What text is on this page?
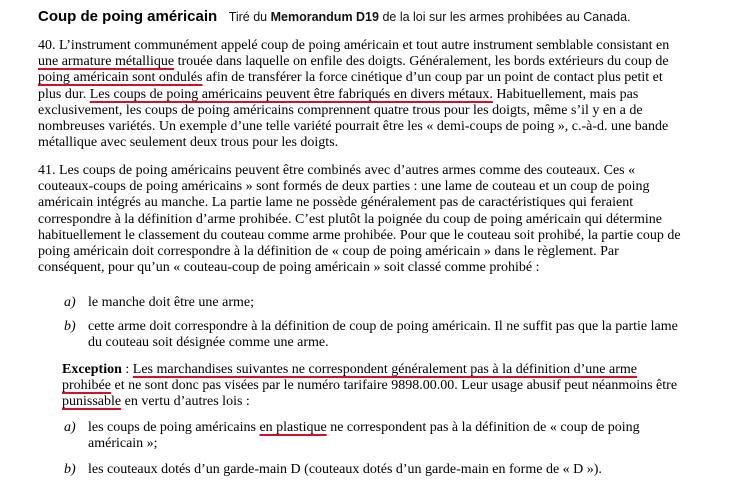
Coup de poing américain Tiré du Memorandum D19 de la loi sur les armes prohibées au Canada.
40. L’instrument communément appelé coup de poing américain et tout autre instrument semblable consistant en
une armature métallique trouée dans laquelle on enfile des doigts. Généralement, les bords extérieurs du coup de
poing américain sont ondulés afin de transférer la force cinétique d’un coup par un point de contact plus petit et
plus dur. Les coups de poing américains peuvent être fabriqués en divers métaux. Habituellement, mais pas
exclusivement, les coups de poing américains comprennent quatre trous pour les doigts, même s’il y en a de
nombreuses variétés. Un exemple d’une telle variété pourrait être les « demi-coups de poing », c.-à-d. une bande
métallique avec seulement deux trous pour les doigts.
41. Les coups de poing américains peuvent être combinés avec d’autres armes comme des couteaux. Ces «
couteaux-coups de poing américains » sont formés de deux parties : une lame de couteau et un coup de poing
américain intégrés au manche. La partie lame ne possède généralement pas de caractéristiques qui feraient
correspondre à la définition d’arme prohibée. C’est plutôt la poignée du coup de poing américain qui détermine
habituellement le classement du couteau comme arme prohibée. Pour que le couteau soit prohibé, la partie coup de
poing américain doit correspondre à la définition de « coup de poing américain » dans le règlement. Par
conséquent, pour qu’un « couteau-coup de poing américain » soit classé comme prohibé :
a) le manche doit être une arme;
b) cette arme doit correspondre à la définition de coup de poing américain. Il ne suffit pas que la partie lame
du couteau soit désignée comme une arme.
Exception : Les marchandises suivantes ne correspondent généralement pas à la définition d’une arme
prohibée et ne sont donc pas visées par le numéro tarifaire 9898.00.00. Leur usage abusif peut néanmoins être
punissable en vertu d’autres lois :
a) les coups de poing américains en plastique ne correspondent pas à la définition de « coup de poing
américain »;
b) les couteaux dotés d’un garde-main D (couteaux dotés d’un garde-main en forme de « D »).
